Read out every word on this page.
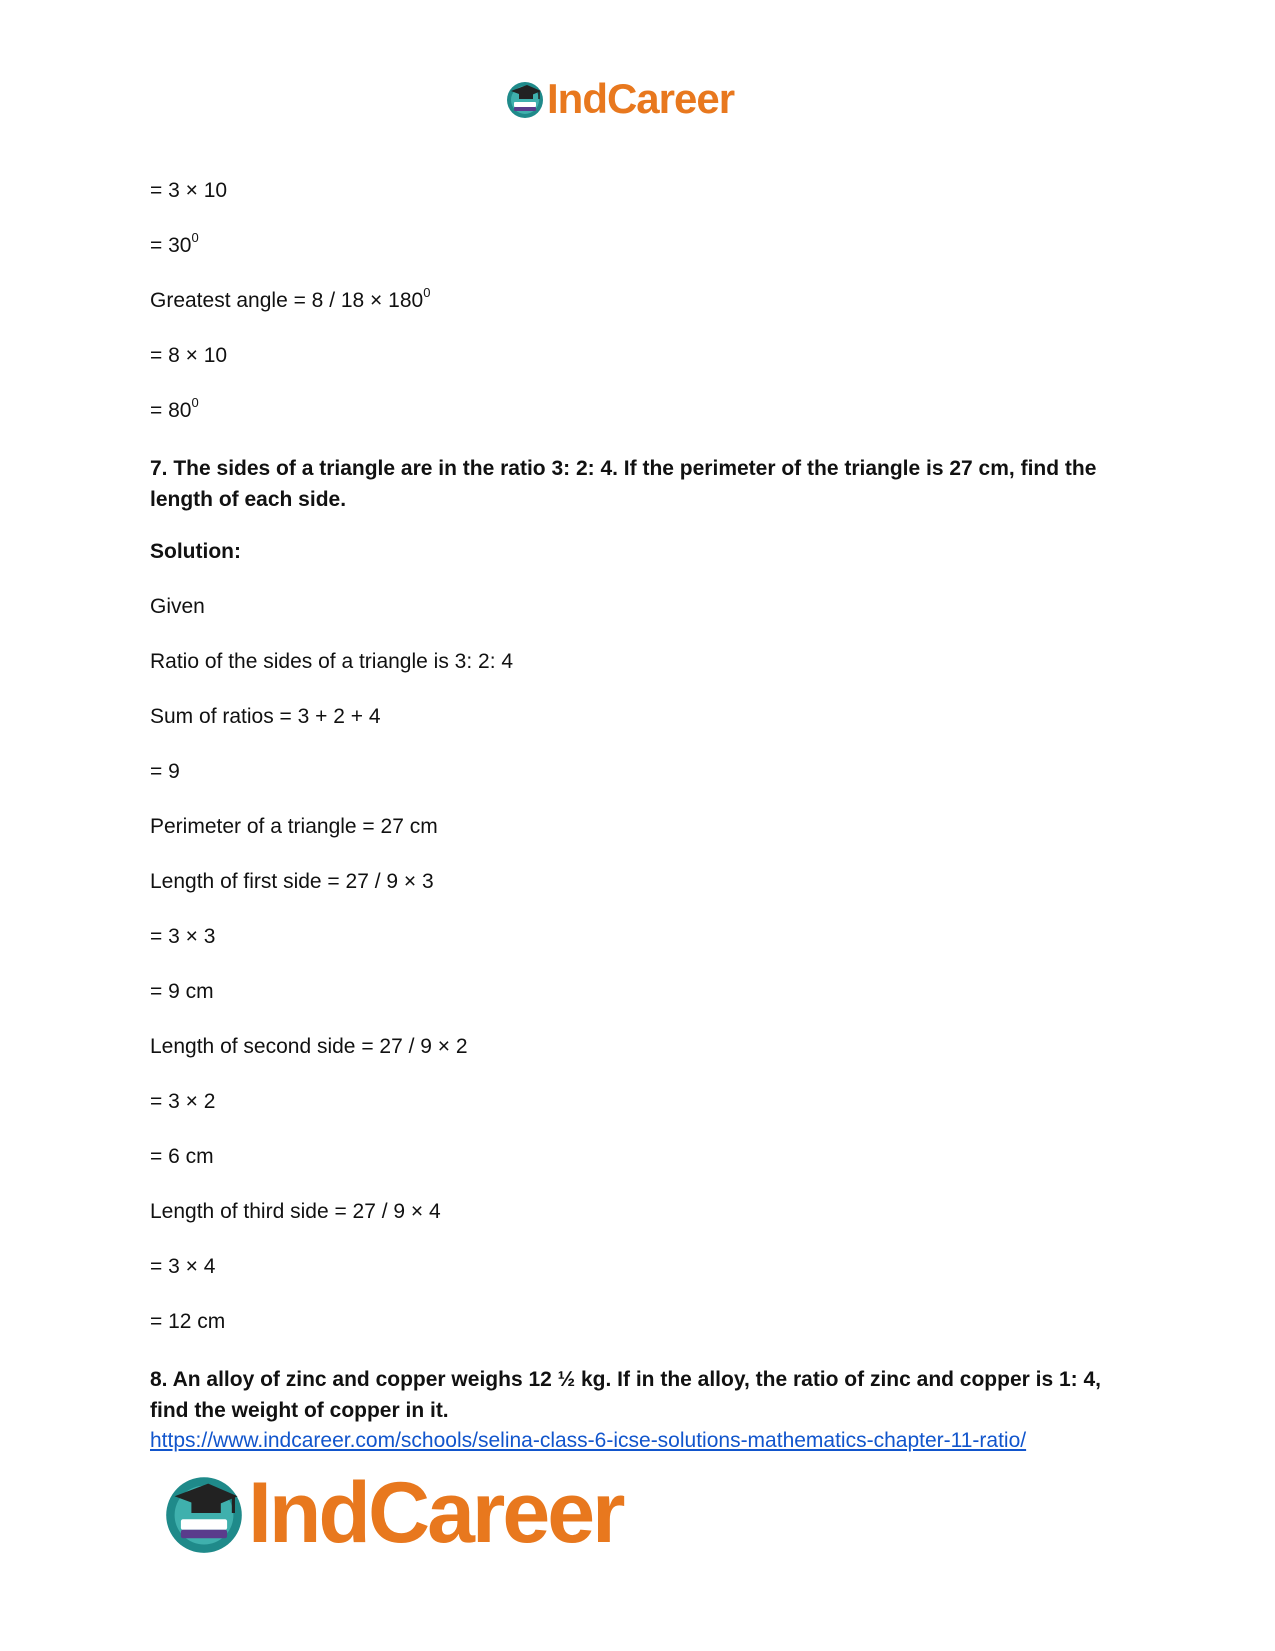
IndCareer
= 3 × 10
= $30^0$
Greatest angle = $8 / 18 \times 180^0$
= 8 × 10
= $80^0$
7. The sides of a triangle are in the ratio 3: 2: 4. If the perimeter of the triangle is 27 cm, find the length of each side.
Solution:
Given
Ratio of the sides of a triangle is 3: 2: 4
Sum of ratios = 3 + 2 + 4
= 9
Perimeter of a triangle = 27 cm
Length of first side = 27 / 9 × 3
= 3 × 3
= 9 cm
Length of second side = 27 / 9 × 2
= 3 × 2
= 6 cm
Length of third side = 27 / 9 × 4
= 3 × 4
= 12 cm
8. An alloy of zinc and copper weighs 12 ½ kg. If in the alloy, the ratio of zinc and copper is 1: 4, find the weight of copper in it.
https://www.indcareer.com/schools/selina-class-6-icse-solutions-mathematics-chapter-11-ratio/
IndCareer
